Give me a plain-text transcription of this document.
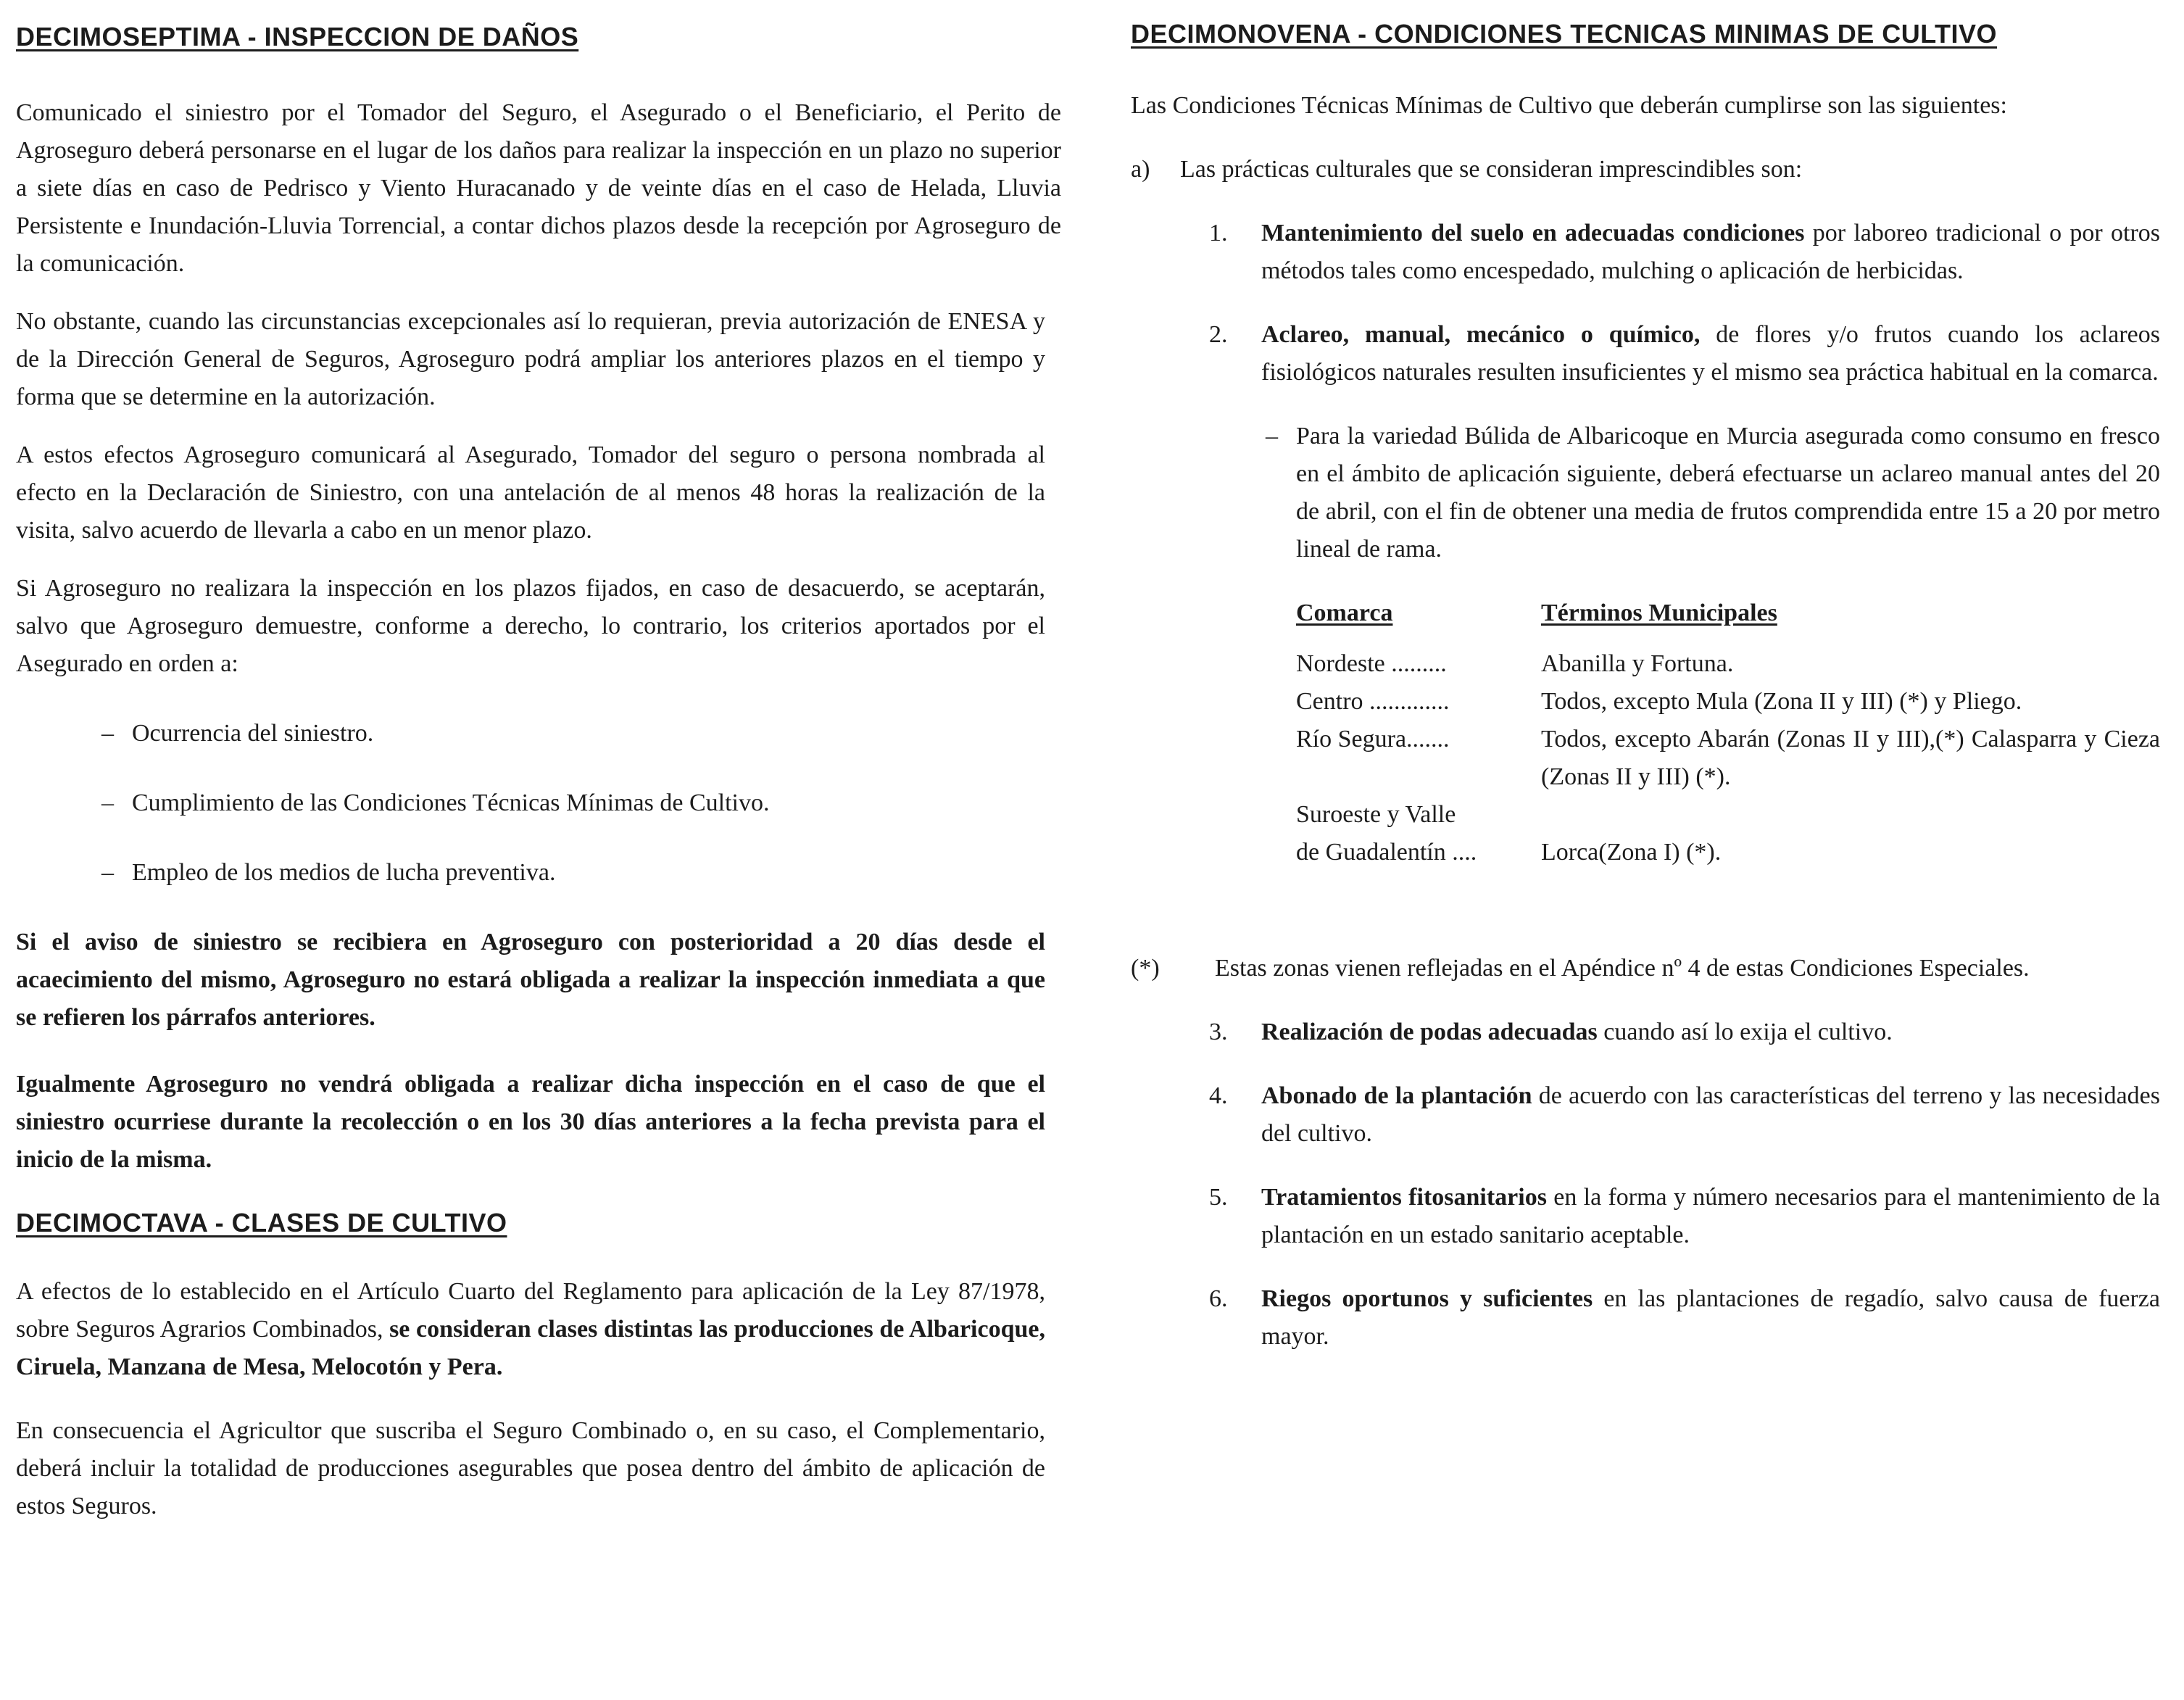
DECIMOSEPTIMA - INSPECCION DE DAÑOS

Comunicado el siniestro por el Tomador del Seguro, el Asegurado o el Beneficiario, el Perito de Agroseguro deberá personarse en el lugar de los daños para realizar la inspección en un plazo no superior a siete días en caso de Pedrisco y Viento Huracanado y de veinte días en el caso de Helada, Lluvia Persistente e Inundación-Lluvia Torrencial, a contar dichos plazos desde la recepción por Agroseguro de la comunicación.

No obstante, cuando las circunstancias excepcionales así lo requieran, previa autorización de ENESA y de la Dirección General de Seguros, Agroseguro podrá ampliar los anteriores plazos en el tiempo y forma que se determine en la autorización.

A estos efectos Agroseguro comunicará al Asegurado, Tomador del seguro o persona nombrada al efecto en la Declaración de Siniestro, con una antelación de al menos 48 horas la realización de la visita, salvo acuerdo de llevarla a cabo en un menor plazo.

Si Agroseguro no realizara la inspección en los plazos fijados, en caso de desacuerdo, se aceptarán, salvo que Agroseguro demuestre, conforme a derecho, lo contrario, los criterios aportados por el Asegurado en orden a:

– Ocurrencia del siniestro.

– Cumplimiento de las Condiciones Técnicas Mínimas de Cultivo.

– Empleo de los medios de lucha preventiva.

Si el aviso de siniestro se recibiera en Agroseguro con posterioridad a 20 días desde el acaecimiento del mismo, Agroseguro no estará obligada a realizar la inspección inmediata a que se refieren los párrafos anteriores.

Igualmente Agroseguro no vendrá obligada a realizar dicha inspección en el caso de que el siniestro ocurriese durante la recolección o en los 30 días anteriores a la fecha prevista para el inicio de la misma.

DECIMOCTAVA - CLASES DE CULTIVO

A efectos de lo establecido en el Artículo Cuarto del Reglamento para aplicación de la Ley 87/1978, sobre Seguros Agrarios Combinados, se consideran clases distintas las producciones de Albaricoque, Ciruela, Manzana de Mesa, Melocotón y Pera.

En consecuencia el Agricultor que suscriba el Seguro Combinado o, en su caso, el Complementario, deberá incluir la totalidad de producciones asegurables que posea dentro del ámbito de aplicación de estos Seguros.

DECIMONOVENA - CONDICIONES TECNICAS MINIMAS DE CULTIVO

Las Condiciones Técnicas Mínimas de Cultivo que deberán cumplirse son las siguientes:

a) Las prácticas culturales que se consideran imprescindibles son:

1. Mantenimiento del suelo en adecuadas condiciones por laboreo tradicional o por otros métodos tales como encespedado, mulching o aplicación de herbicidas.

2. Aclareo, manual, mecánico o químico, de flores y/o frutos cuando los aclareos fisiológicos naturales resulten insuficientes y el mismo sea práctica habitual en la comarca.

– Para la variedad Búlida de Albaricoque en Murcia asegurada como consumo en fresco en el ámbito de aplicación siguiente, deberá efectuarse un aclareo manual antes del 20 de abril, con el fin de obtener una media de frutos comprendida entre 15 a 20 por metro lineal de rama.

Comarca	Términos Municipales
Nordeste .........	Abanilla y Fortuna.
Centro .............	Todos, excepto Mula (Zona II y III) (*) y Pliego.
Río Segura.......	Todos, excepto Abarán (Zonas II y III),(*) Calasparra y Cieza (Zonas II y III) (*).
Suroeste y Valle	
de Guadalentín ....	Lorca(Zona I) (*).

(*) Estas zonas vienen reflejadas en el Apéndice nº 4 de estas Condiciones Especiales.

3. Realización de podas adecuadas cuando así lo exija el cultivo.

4. Abonado de la plantación de acuerdo con las características del terreno y las necesidades del cultivo.

5. Tratamientos fitosanitarios en la forma y número necesarios para el mantenimiento de la plantación en un estado sanitario aceptable.

6. Riegos oportunos y suficientes en las plantaciones de regadío, salvo causa de fuerza mayor.
